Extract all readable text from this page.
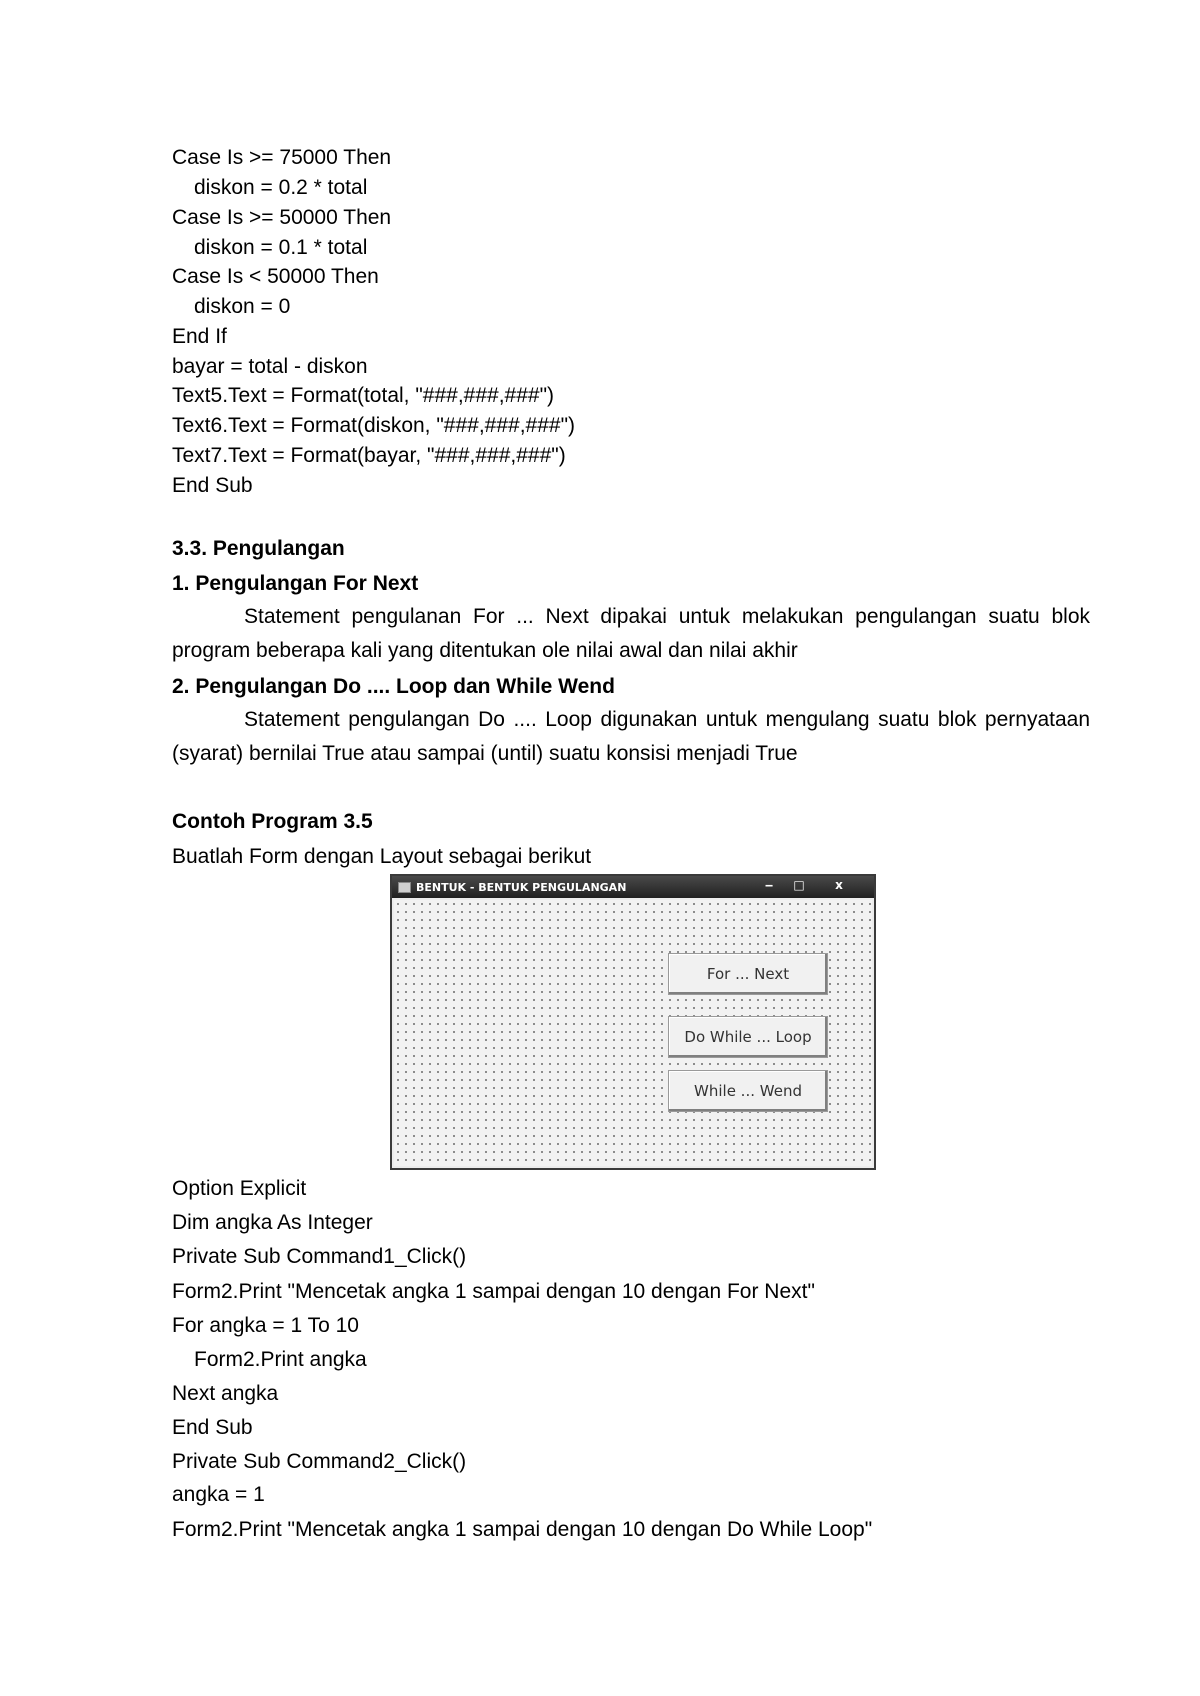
Case Is >= 75000 Then
diskon = 0.2 * total
Case Is >= 50000 Then
diskon = 0.1 * total
Case Is < 50000 Then
diskon = 0
End If
bayar = total - diskon
Text5.Text = Format(total, "###,###,###")
Text6.Text = Format(diskon, "###,###,###")
Text7.Text = Format(bayar, "###,###,###")
End Sub
3.3. Pengulangan
1. Pengulangan For Next
Statement pengulanan For ... Next dipakai untuk melakukan pengulangan suatu blok program beberapa kali yang ditentukan ole nilai awal dan nilai akhir
2. Pengulangan Do .... Loop dan While Wend
Statement pengulangan Do .... Loop digunakan untuk mengulang suatu blok pernyataan (syarat) bernilai True atau sampai (until) suatu konsisi menjadi True
Contoh Program 3.5
Buatlah Form dengan Layout sebagai berikut
BENTUK - BENTUK PENGULANGAN	‒	□	x
For ... Next
Do While ... Loop
While ... Wend
Option Explicit
Dim angka As Integer
Private Sub Command1_Click()
Form2.Print "Mencetak angka 1 sampai dengan 10 dengan For Next"
For angka = 1 To 10
Form2.Print angka
Next angka
End Sub
Private Sub Command2_Click()
angka = 1
Form2.Print "Mencetak angka 1 sampai dengan 10 dengan Do While Loop"
